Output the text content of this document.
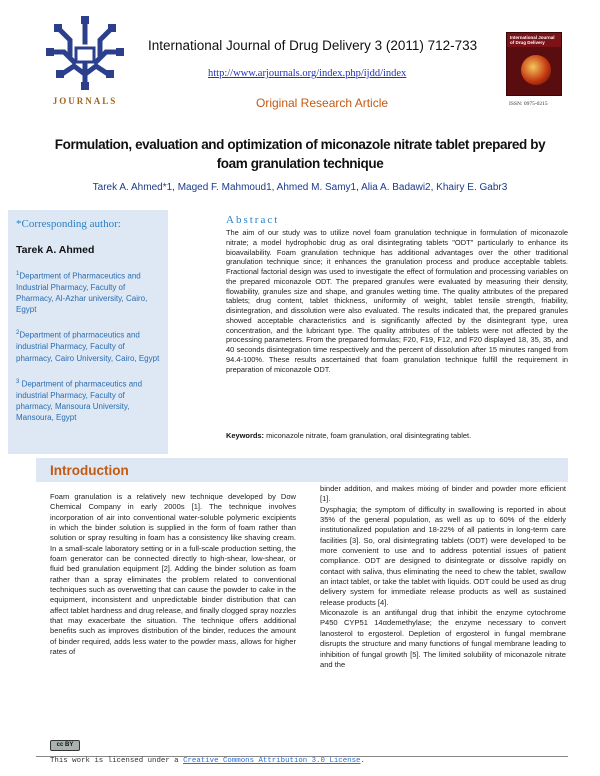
JOURNALS
International Journal of Drug Delivery 3 (2011) 712-733
http://www.arjournals.org/index.php/ijdd/index
Original Research Article
International Journal of Drug Delivery
ISSN: 0975-0215
Formulation, evaluation and optimization of miconazole nitrate tablet prepared by foam granulation technique
Tarek A. Ahmed*1, Maged F. Mahmoud1, Ahmed M. Samy1, Alia A. Badawi2, Khairy E. Gabr3
*Corresponding author:
Tarek A. Ahmed
$^1$Department of Pharmaceutics and Industrial Pharmacy, Faculty of Pharmacy, Al-Azhar university, Cairo, Egypt
$^2$Department of pharmaceutics and industrial Pharmacy, Faculty of pharmacy, Cairo University, Cairo, Egypt
$^3$ Department of pharmaceutics and industrial Pharmacy, Faculty of pharmacy, Mansoura University, Mansoura, Egypt
Abstract

The aim of our study was to utilize novel foam granulation technique in formulation of miconazole nitrate; a model hydrophobic drug as oral disintegrating tablets "ODT" particularly to enhance its bioavailability. Foam granulation technique has additional advantages over the other traditional granulation technique since; it enhances the granulation process and produce acceptable tablets. Fractional factorial design was used to investigate the effect of formulation and processing variables on the prepared miconazole ODT. The prepared granules were evaluated by measuring their density, flowability, granules size and shape, and granules wetting time. The quality attributes of the prepared tablets; drug content, tablet thickness, uniformity of weight, tablet tensile strength, friability, disintegration, and dissolution were also evaluated. The results indicated that, the prepared granules showed acceptable characteristics and is significantly affected by the disintegrant type, urea concentration, and the lubricant type. The quality attributes of the tablets were not affected by the processing parameters. From the prepared formulas; F20, F19, F12, and F20 displayed 18, 35, 35, and 40 seconds disintegration time respectively and the percent of dissolution after 15 minutes ranged from 94.4-100%. These results ascertained that foam granulation technique fulfill the requirement in preparation of miconazole ODT.

Keywords: miconazole nitrate, foam granulation, oral disintegrating tablet.
Introduction

Foam granulation is a relatively new technique developed by Dow Chemical Company in early 2000s [1]. The technique involves incorporation of air into conventional water-soluble polymeric excipients in which the binder solution is supplied in the form of foam rather than solution or spray resulting in foam has a consistency like shaving cream. In a small-scale laboratory setting or in a full-scale production setting, the foam generator can be connected directly to high-shear, low-shear, or fluid bed granulation equipment [2]. Adding the binder solution as foam rather than a spray eliminates the problem related to conventional techniques such as overwetting that can cause the powder to cake in the equipment, inconsistent and unpredictable binder distribution that can affect tablet hardness and drug release, and finally clogged spray nozzles that may exacerbate the situation. The technique offers additional benefits such as improves distribution of the binder, reduces the amount of binder required, adds less water to the powder mass, allows for higher rates of

binder addition, and makes mixing of binder and powder more efficient [1].

Dysphagia; the symptom of difficulty in swallowing is reported in about 35% of the general population, as well as up to 60% of the elderly institutionalized population and 18-22% of all patients in long-term care facilities [3]. So, oral disintegrating tablets (ODT) were developed to be more convenient to use and to address potential issues of patient compliance. ODT are designed to disintegrate or dissolve rapidly on contact with saliva, thus eliminating the need to chew the tablet, swallow an intact tablet, or take the tablet with liquids. ODT could be used as drug delivery system for immediate release products as well as sustained release products [4].

Miconazole is an antifungal drug that inhibit the enzyme cytochrome P450 CYP51 14αdemethylase; the enzyme necessary to convert lanosterol to ergosterol. Depletion of ergosterol in fungal membrane disrupts the structure and many functions of fungal membrane leading to inhibition of fungal growth [5]. The limited solubility of miconazole nitrate and the

cc BY
This work is licensed under a Creative Commons Attribution 3.0 License.
